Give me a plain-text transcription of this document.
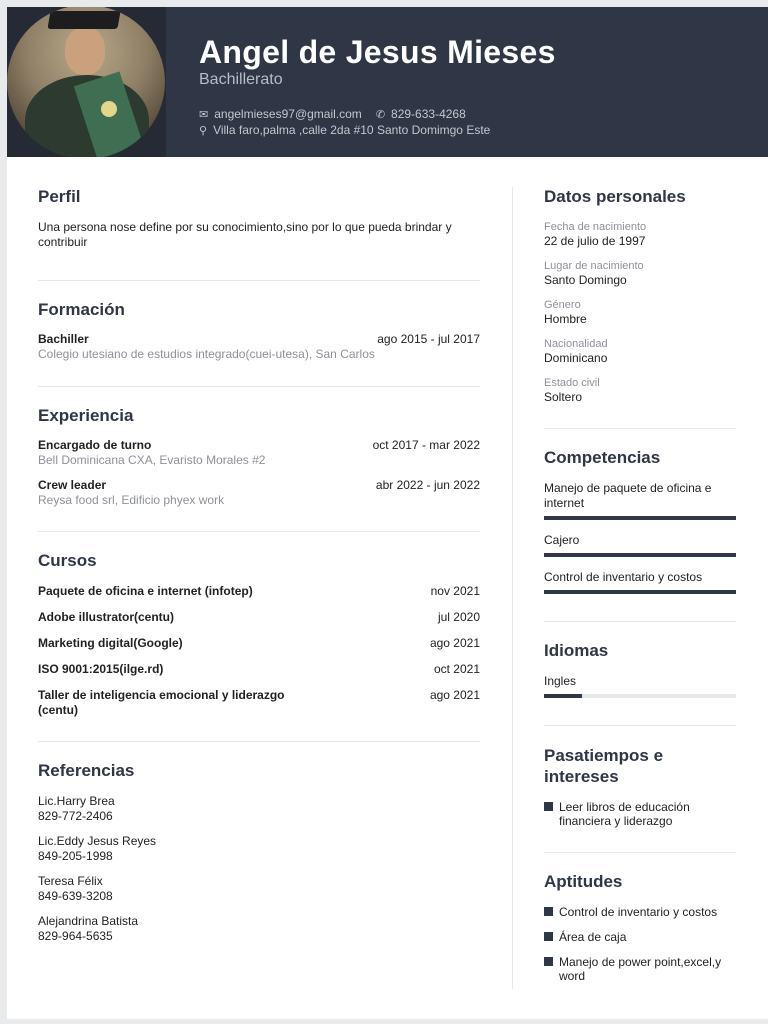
Angel de Jesus Mieses
Bachillerato
✉ angelmieses97@gmail.com ✆ 829-633-4268
⚲ Villa faro,palma ,calle 2da #10 Santo Domimgo Este
Perfil
Una persona nose define por su conocimiento,sino por lo que pueda brindar y contribuir
Formación
Bachiller	ago 2015 - jul 2017
Colegio utesiano de estudios integrado(cuei-utesa), San Carlos
Experiencia
Encargado de turno	oct 2017 - mar 2022
Bell Dominicana CXA, Evaristo Morales #2
Crew leader	abr 2022 - jun 2022
Reysa food srl, Edificio phyex work
Cursos
Paquete de oficina e internet (infotep)	nov 2021
Adobe illustrator(centu)	jul 2020
Marketing digital(Google)	ago 2021
ISO 9001:2015(ilge.rd)	oct 2021
Taller de inteligencia emocional y liderazgo (centu)
ago 2021
Referencias
Lic.Harry Brea
829-772-2406
Lic.Eddy Jesus Reyes
849-205-1998
Teresa Félix
849-639-3208
Alejandrina Batista
829-964-5635
Datos personales
Fecha de nacimiento
22 de julio de 1997
Lugar de nacimiento
Santo Domingo
Género
Hombre
Nacionalidad
Dominicano
Estado civil
Soltero
Competencias
Manejo de paquete de oficina e internet
Cajero
Control de inventario y costos
Idiomas
Ingles
Pasatiempos e intereses
Leer libros de educación financiera y liderazgo
Aptitudes
Control de inventario y costos
Área de caja
Manejo de power point,excel,y word
